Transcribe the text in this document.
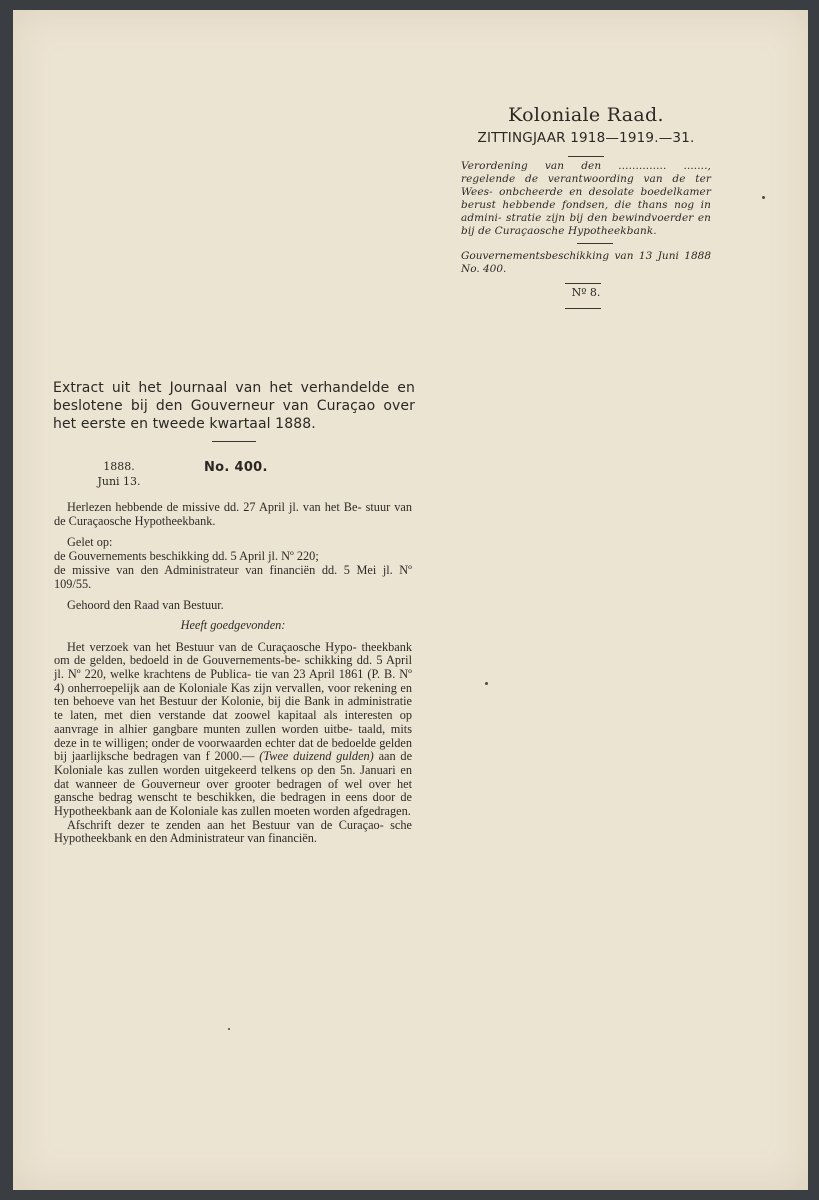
Koloniale Raad.
ZITTINGJAAR 1918—1919.—31.
Verordening van den .............. ......., regelende de verantwoording van de ter Wees- onbcheerde en desolate boedelkamer berust hebbende fondsen, die thans nog in admini- stratie zijn bij den bewindvoerder en bij de Curaçaosche Hypotheekbank.
Gouvernementsbeschikking van 13 Juni 1888 No. 400.
Nº 8.
Extract uit het Journaal van het verhandelde en beslotene bij den Gouverneur van Curaçao over het eerste en tweede kwartaal 1888.
1888.
Juni 13.
No. 400.

Herlezen hebbende de missive dd. 27 April jl. van het Be- stuur van de Curaçaosche Hypotheekbank.

Gelet op:

de Gouvernements beschikking dd. 5 April jl. Nº 220;

de missive van den Administrateur van financiën dd. 5 Mei jl. Nº 109/55.

Gehoord den Raad van Bestuur.

Heeft goedgevonden:

Het verzoek van het Bestuur van de Curaçaosche Hypo- theekbank om de gelden, bedoeld in de Gouvernements-be- schikking dd. 5 April jl. Nº 220, welke krachtens de Publica- tie van 23 April 1861 (P. B. Nº 4) onherroepelijk aan de Koloniale Kas zijn vervallen, voor rekening en ten behoeve van het Bestuur der Kolonie, bij die Bank in administratie te laten, met dien verstande dat zoowel kapitaal als interesten op aanvrage in alhier gangbare munten zullen worden uitbe- taald, mits deze in te willigen; onder de voorwaarden echter dat de bedoelde gelden bij jaarlijksche bedragen van f 2000.— (Twee duizend gulden) aan de Koloniale kas zullen worden uitgekeerd telkens op den 5n. Januari en dat wanneer de Gouverneur over grooter bedragen of wel over het gansche bedrag wenscht te beschikken, die bedragen in eens door de Hypotheekbank aan de Koloniale kas zullen moeten worden afgedragen.

Afschrift dezer te zenden aan het Bestuur van de Curaçao- sche Hypotheekbank en den Administrateur van financiën.
